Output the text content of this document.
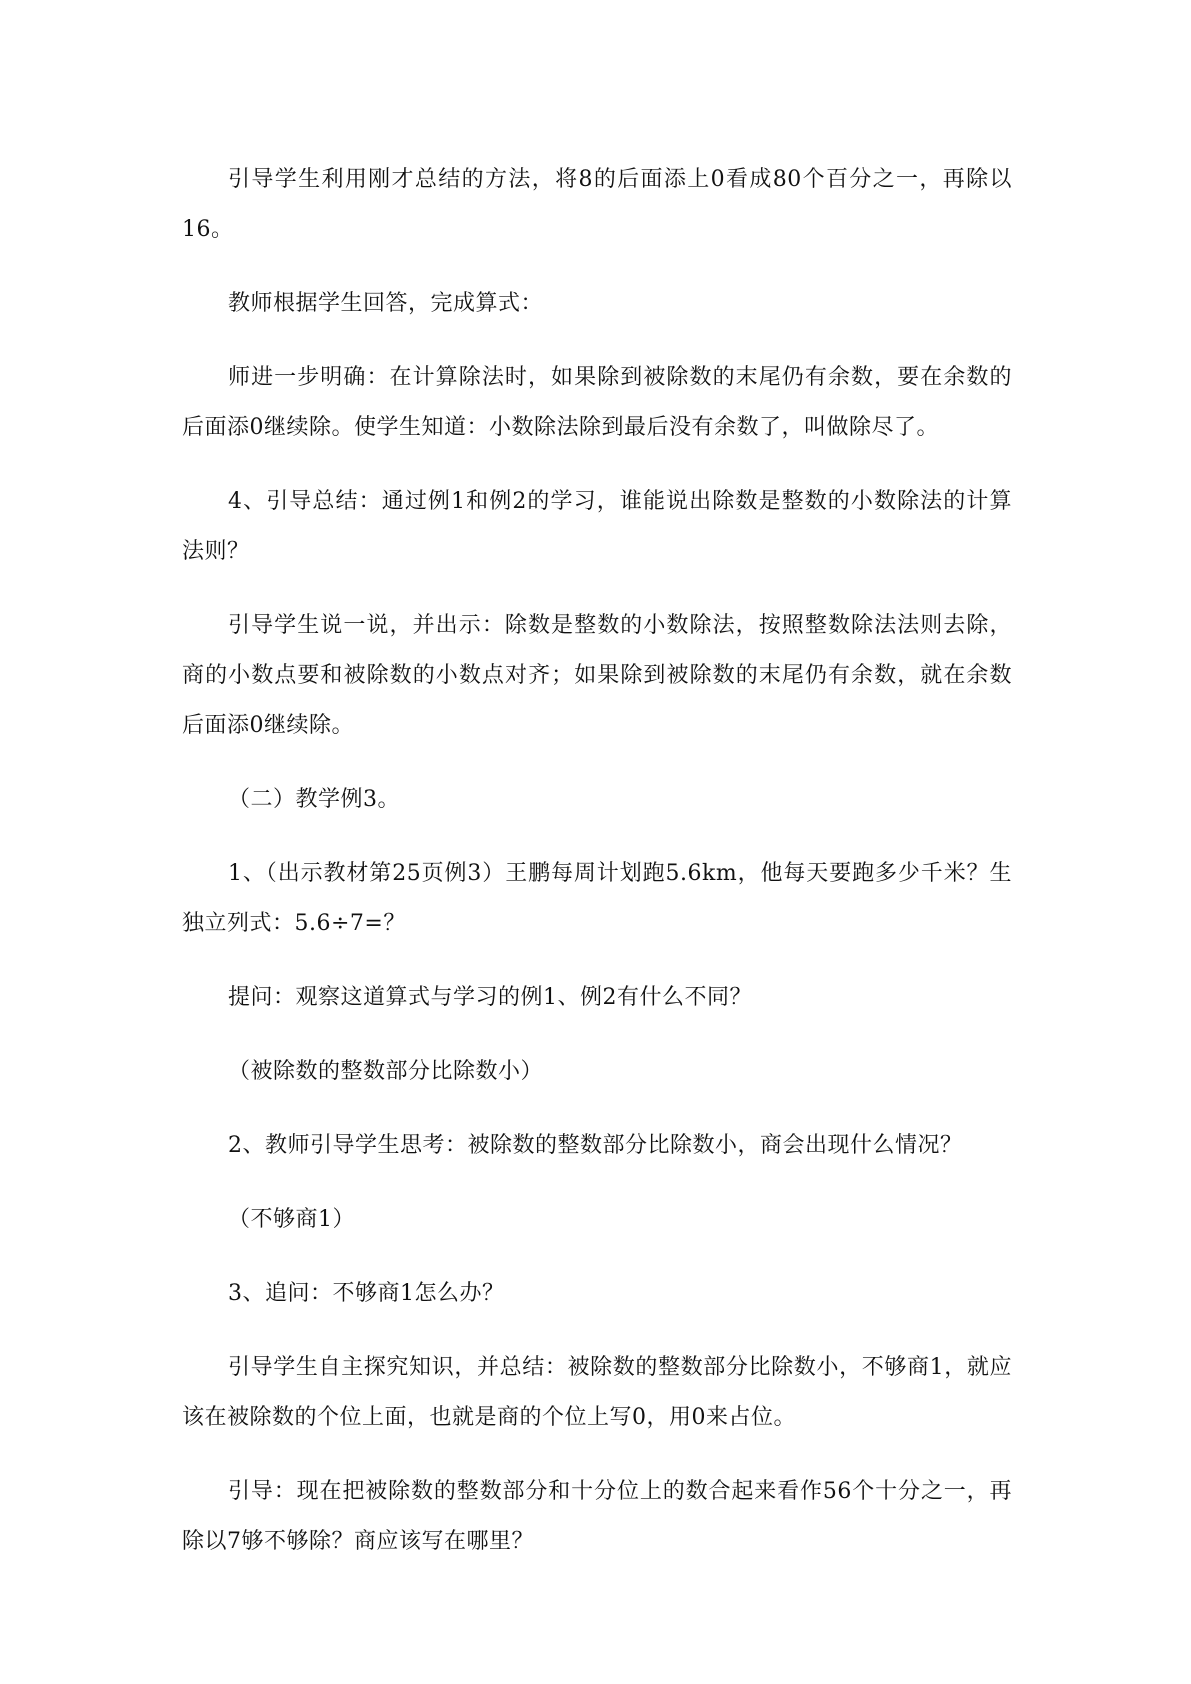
引导学生利用刚才总结的方法，将8的后面添上0看成80个百分之一，再除以16。

教师根据学生回答，完成算式：

师进一步明确：在计算除法时，如果除到被除数的末尾仍有余数，要在余数的后面添0继续除。使学生知道：小数除法除到最后没有余数了，叫做除尽了。

4、引导总结：通过例1和例2的学习，谁能说出除数是整数的小数除法的计算法则？

引导学生说一说，并出示：除数是整数的小数除法，按照整数除法法则去除，商的小数点要和被除数的小数点对齐；如果除到被除数的末尾仍有余数，就在余数后面添0继续除。

（二）教学例3。

1、（出示教材第25页例3）王鹏每周计划跑5.6km，他每天要跑多少千米？生独立列式：5.6÷7=？

提问：观察这道算式与学习的例1、例2有什么不同？

（被除数的整数部分比除数小）

2、教师引导学生思考：被除数的整数部分比除数小，商会出现什么情况？

（不够商1）

3、追问：不够商1怎么办？

引导学生自主探究知识，并总结：被除数的整数部分比除数小，不够商1，就应该在被除数的个位上面，也就是商的个位上写0，用0来占位。

引导：现在把被除数的整数部分和十分位上的数合起来看作56个十分之一，再除以7够不够除？商应该写在哪里？
